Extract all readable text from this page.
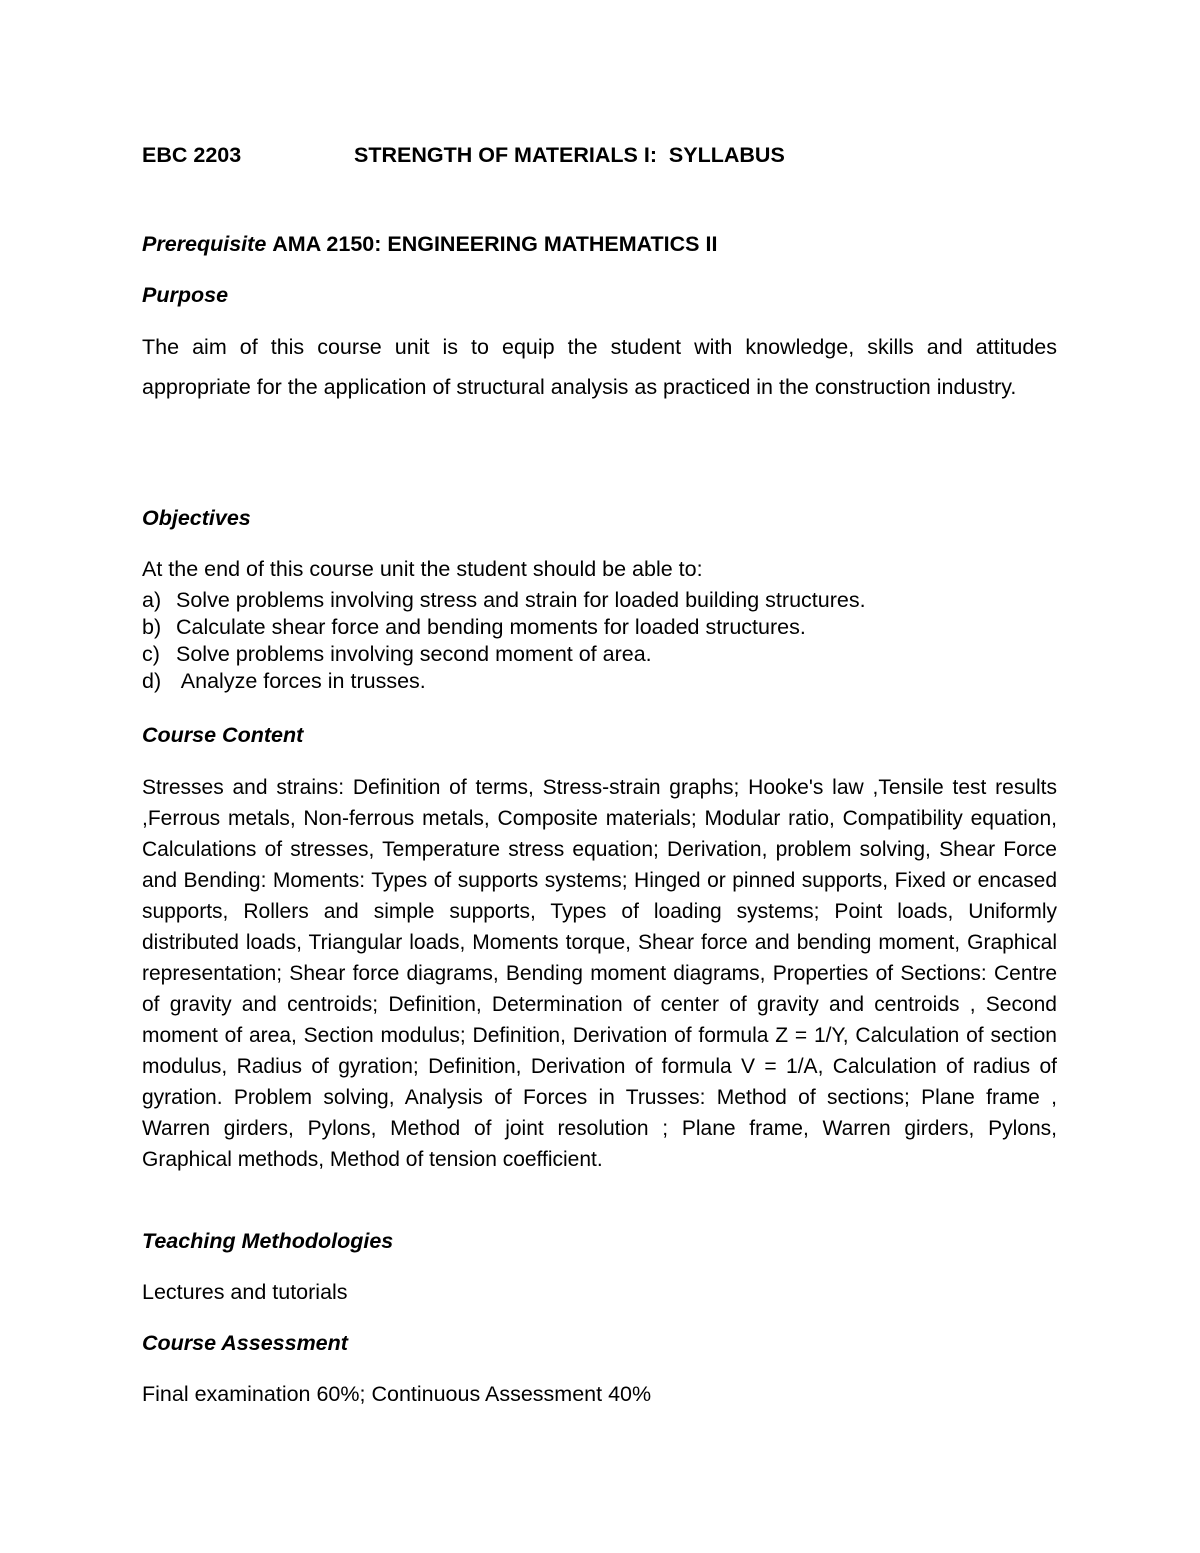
EBC 2203	STRENGTH OF MATERIALS I:  SYLLABUS
Prerequisite AMA 2150: ENGINEERING MATHEMATICS II
Purpose
The aim of this course unit is to equip the student with knowledge, skills and attitudes appropriate for the application of structural analysis as practiced in the construction industry.
Objectives
At the end of this course unit the student should be able to:
a) Solve problems involving stress and strain for loaded building structures.
b) Calculate shear force and bending moments for loaded structures.
c) Solve problems involving second moment of area.
d) Analyze forces in trusses.
Course Content
Stresses and strains: Definition of terms, Stress-strain graphs; Hooke's law ,Tensile test results ,Ferrous metals, Non-ferrous metals, Composite materials; Modular ratio, Compatibility equation, Calculations of stresses, Temperature stress equation; Derivation, problem solving, Shear Force and Bending: Moments: Types of supports systems; Hinged or pinned supports, Fixed or encased supports, Rollers and simple supports, Types of loading systems; Point loads, Uniformly distributed loads, Triangular loads, Moments torque, Shear force and bending moment, Graphical representation; Shear force diagrams, Bending moment diagrams, Properties of Sections: Centre of gravity and centroids; Definition, Determination of center of gravity and centroids , Second moment of area, Section modulus; Definition, Derivation of formula Z = 1/Y, Calculation of section modulus, Radius of gyration; Definition, Derivation of formula V = 1/A, Calculation of radius of gyration. Problem solving, Analysis of Forces in Trusses: Method of sections; Plane frame , Warren girders, Pylons, Method of joint resolution ; Plane frame, Warren girders, Pylons, Graphical methods, Method of tension coefficient.
Teaching Methodologies
Lectures and tutorials
Course Assessment
Final examination 60%; Continuous Assessment 40%
